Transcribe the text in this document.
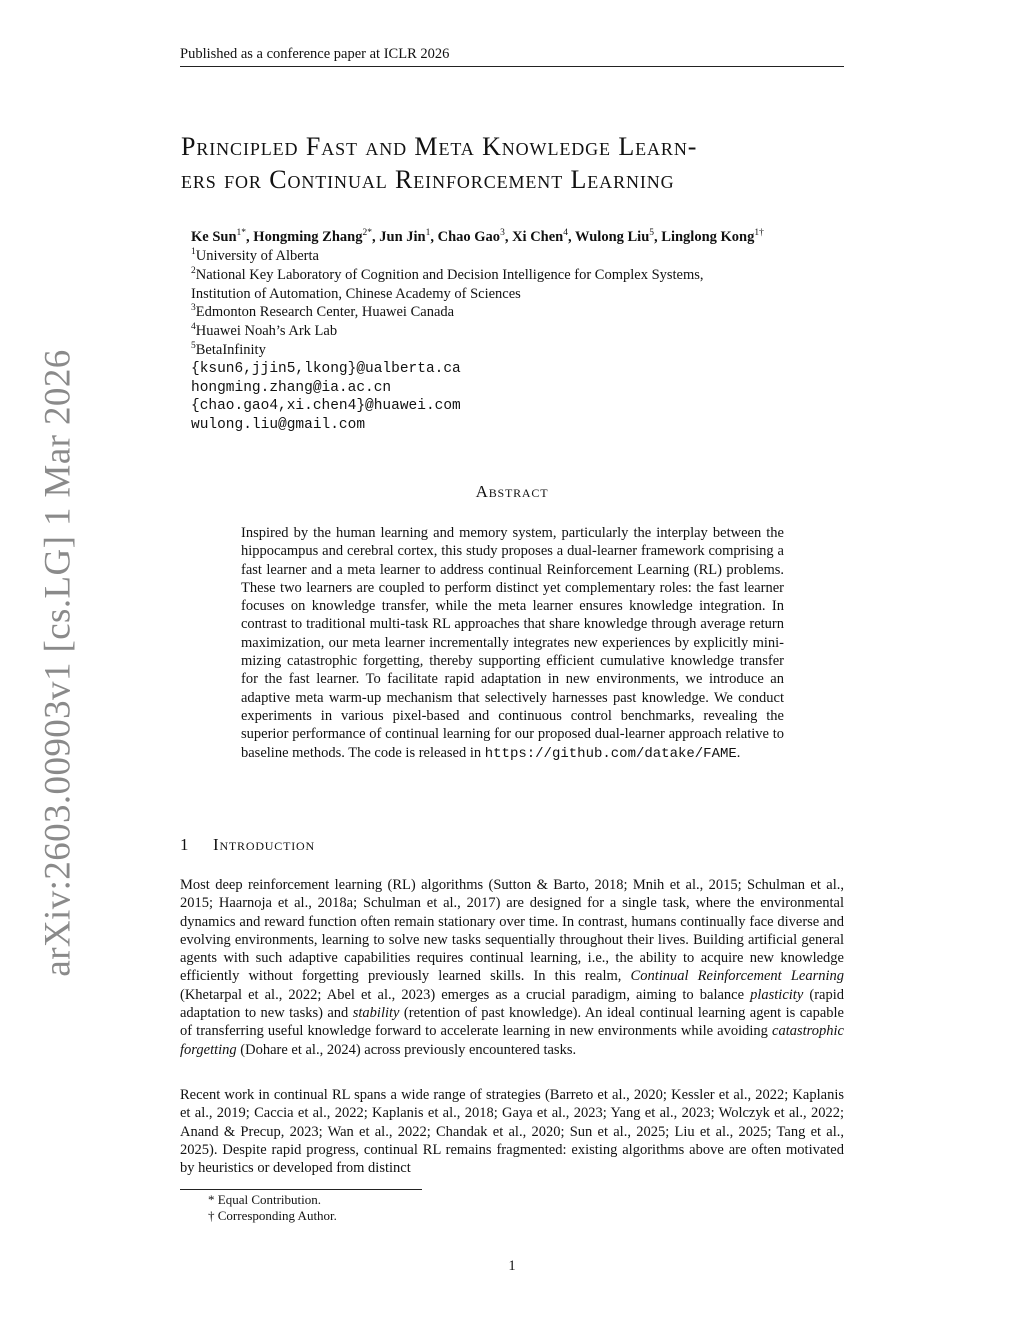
Published as a conference paper at ICLR 2026
arXiv:2603.00903v1 [cs.LG] 1 Mar 2026
Principled Fast and Meta Knowledge Learn-
ers for Continual Reinforcement Learning
Ke Sun$^{1*}$, Hongming Zhang$^{2*}$, Jun Jin$^1$, Chao Gao$^3$, Xi Chen$^4$, Wulong Liu$^5$, Linglong Kong$^{1\dagger}$
$^1$University of Alberta
$^2$National Key Laboratory of Cognition and Decision Intelligence for Complex Systems,
Institution of Automation, Chinese Academy of Sciences
$^3$Edmonton Research Center, Huawei Canada
$^4$Huawei Noah’s Ark Lab
$^5$BetaInfinity
{ksun6,jjin5,lkong}@ualberta.ca
hongming.zhang@ia.ac.cn
{chao.gao4,xi.chen4}@huawei.com
wulong.liu@gmail.com
Abstract
Inspired by the human learning and memory system, particularly the interplay between the hippocampus and cerebral cortex, this study proposes a dual-learner framework comprising a fast learner and a meta learner to address continual Reinforcement Learning (RL) problems. These two learners are coupled to perform distinct yet complementary roles: the fast learner focuses on knowledge transfer, while the meta learner ensures knowledge integration. In contrast to traditional multi-task RL approaches that share knowledge through average return maximization, our meta learner incrementally integrates new experiences by explicitly minimizing catastrophic forgetting, thereby supporting efficient cumulative knowledge transfer for the fast learner. To facilitate rapid adaptation in new environments, we introduce an adaptive meta warm-up mechanism that selectively harnesses past knowledge. We conduct experiments in various pixel-based and continuous control benchmarks, revealing the superior performance of continual learning for our proposed dual-learner approach relative to baseline methods. The code is released in https://github.com/datake/FAME.
1 Introduction
Most deep reinforcement learning (RL) algorithms (Sutton & Barto, 2018; Mnih et al., 2015; Schulman et al., 2015; Haarnoja et al., 2018a; Schulman et al., 2017) are designed for a single task, where the environmental dynamics and reward function often remain stationary over time. In contrast, humans continually face diverse and evolving environments, learning to solve new tasks sequentially throughout their lives. Building artificial general agents with such adaptive capabilities requires continual learning, i.e., the ability to acquire new knowledge efficiently without forgetting previously learned skills. In this realm, Continual Reinforcement Learning (Khetarpal et al., 2022; Abel et al., 2023) emerges as a crucial paradigm, aiming to balance plasticity (rapid adaptation to new tasks) and stability (retention of past knowledge). An ideal continual learning agent is capable of transferring useful knowledge forward to accelerate learning in new environments while avoiding catastrophic forgetting (Dohare et al., 2024) across previously encountered tasks.
Recent work in continual RL spans a wide range of strategies (Barreto et al., 2020; Kessler et al., 2022; Kaplanis et al., 2019; Caccia et al., 2022; Kaplanis et al., 2018; Gaya et al., 2023; Yang et al., 2023; Wolczyk et al., 2022; Anand & Precup, 2023; Wan et al., 2022; Chandak et al., 2020; Sun et al., 2025; Liu et al., 2025; Tang et al., 2025). Despite rapid progress, continual RL remains fragmented: existing algorithms above are often motivated by heuristics or developed from distinct
* Equal Contribution.
† Corresponding Author.
1
